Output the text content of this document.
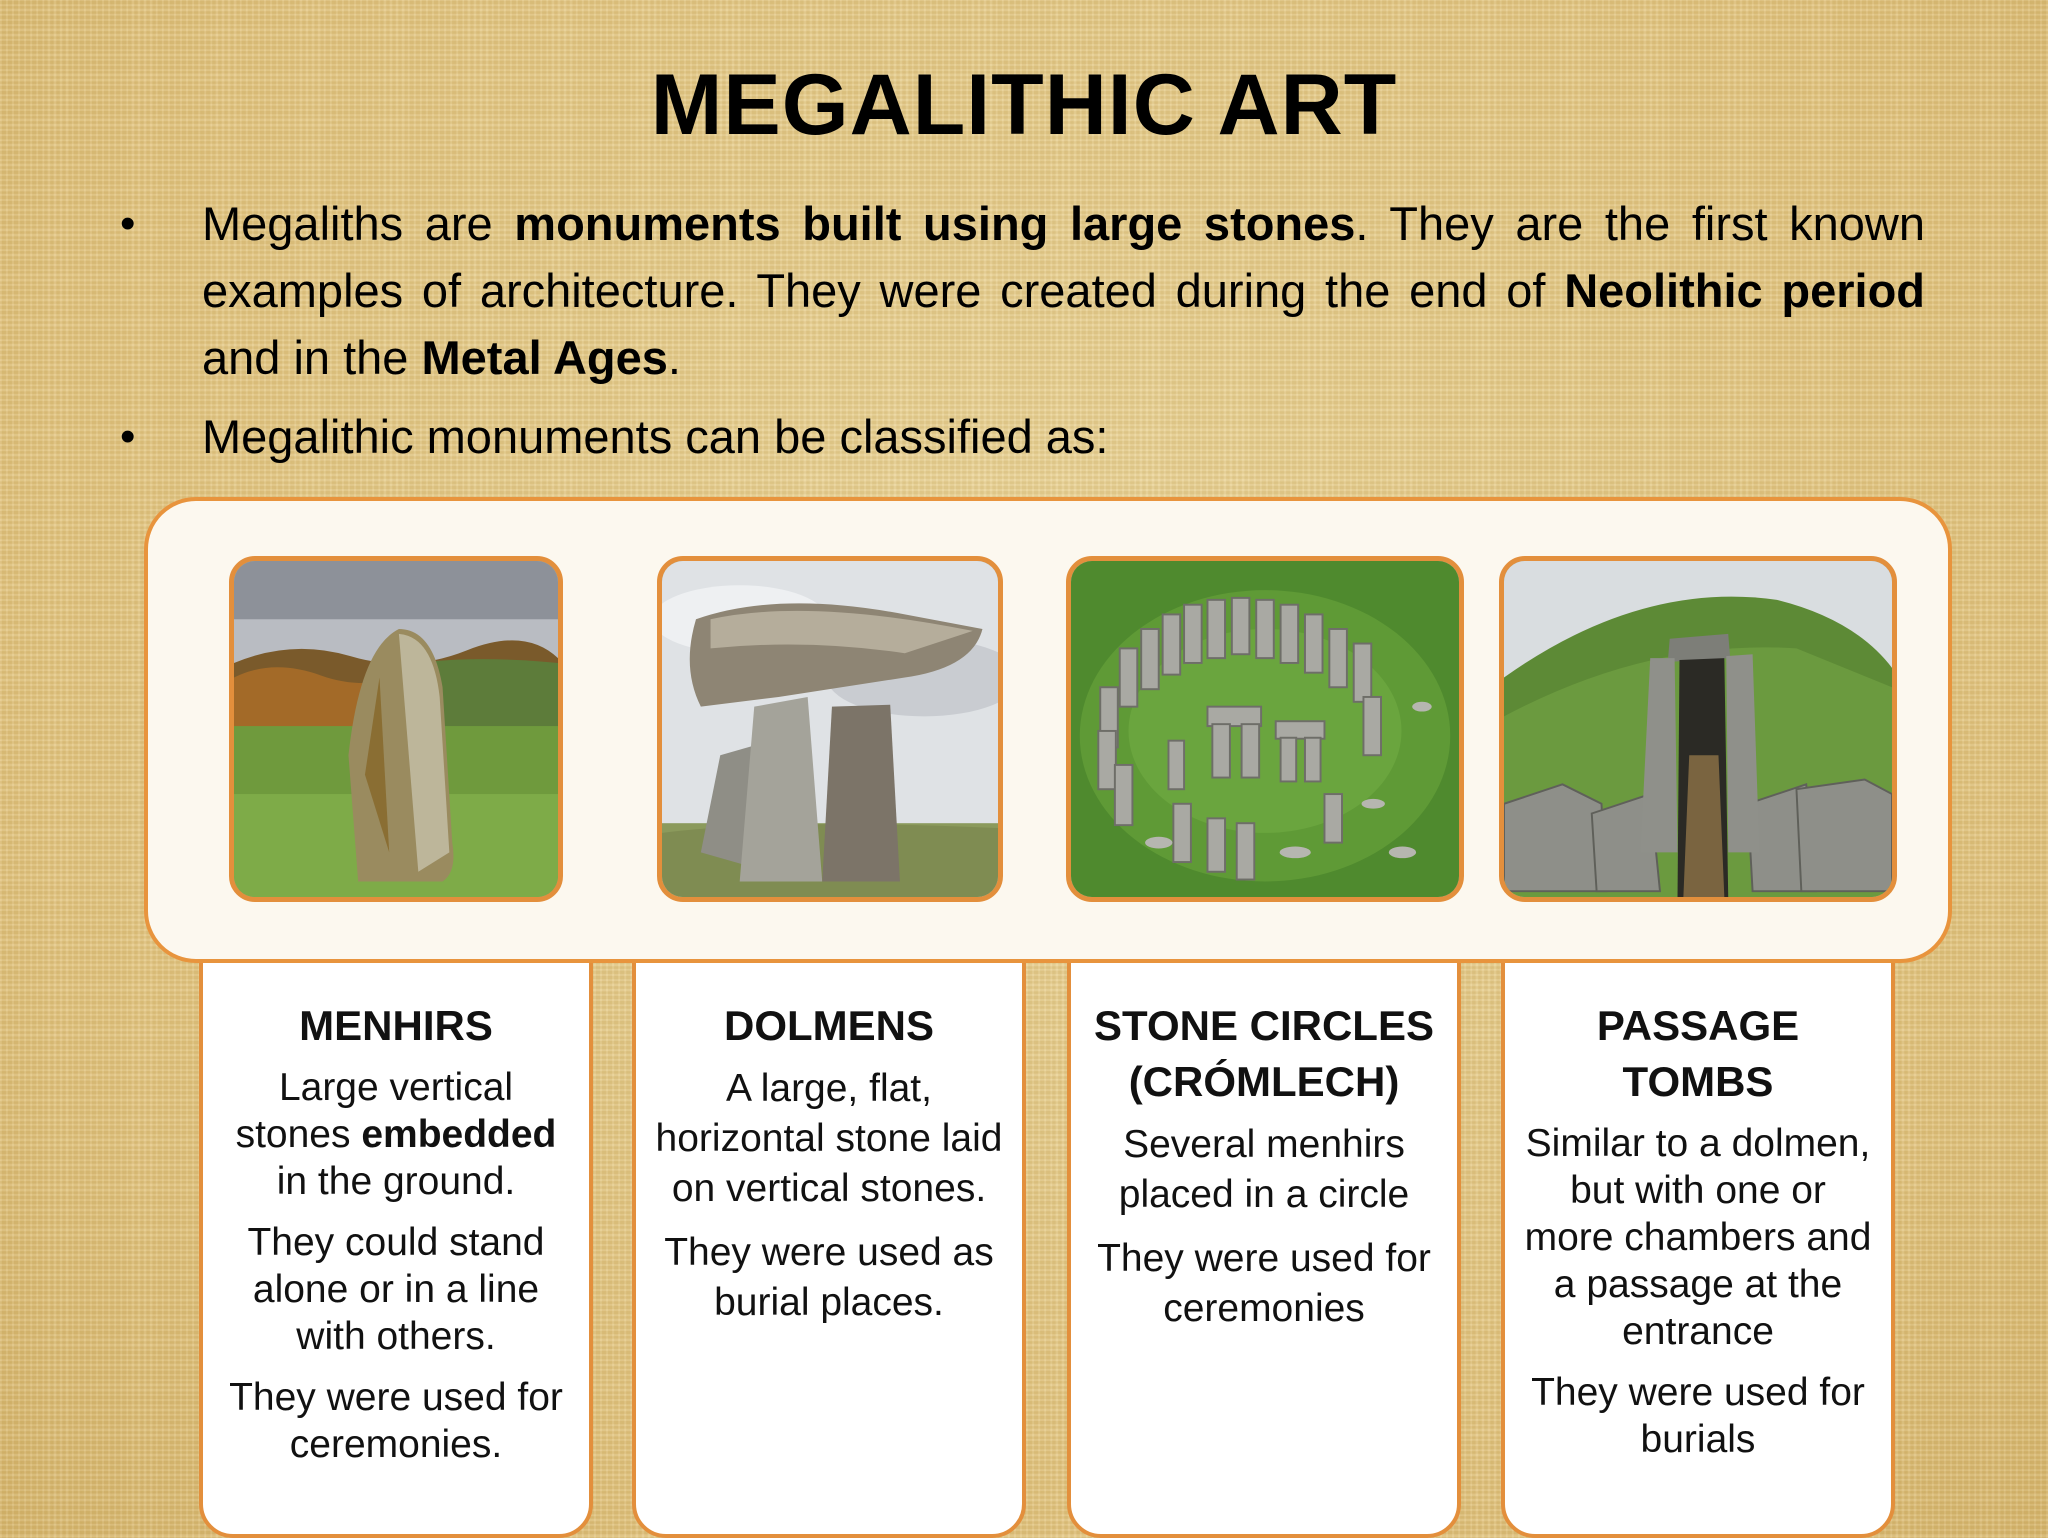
MEGALITHIC ART
• Megaliths are monuments built using large stones. They are the first known examples of architecture. They were created during the end of Neolithic period and in the Metal Ages.
• Megalithic monuments can be classified as:
MENHIRS

Large vertical stones embedded in the ground.

They could stand alone or in a line with others.

They were used for ceremonies.

DOLMENS

A large, flat, horizontal stone laid on vertical stones.

They were used as burial places.

STONE CIRCLES (CRÓMLECH)

Several menhirs placed in a circle

They were used for ceremonies

PASSAGE TOMBS

Similar to a dolmen, but with one or more chambers and a passage at the entrance

They were used for burials
